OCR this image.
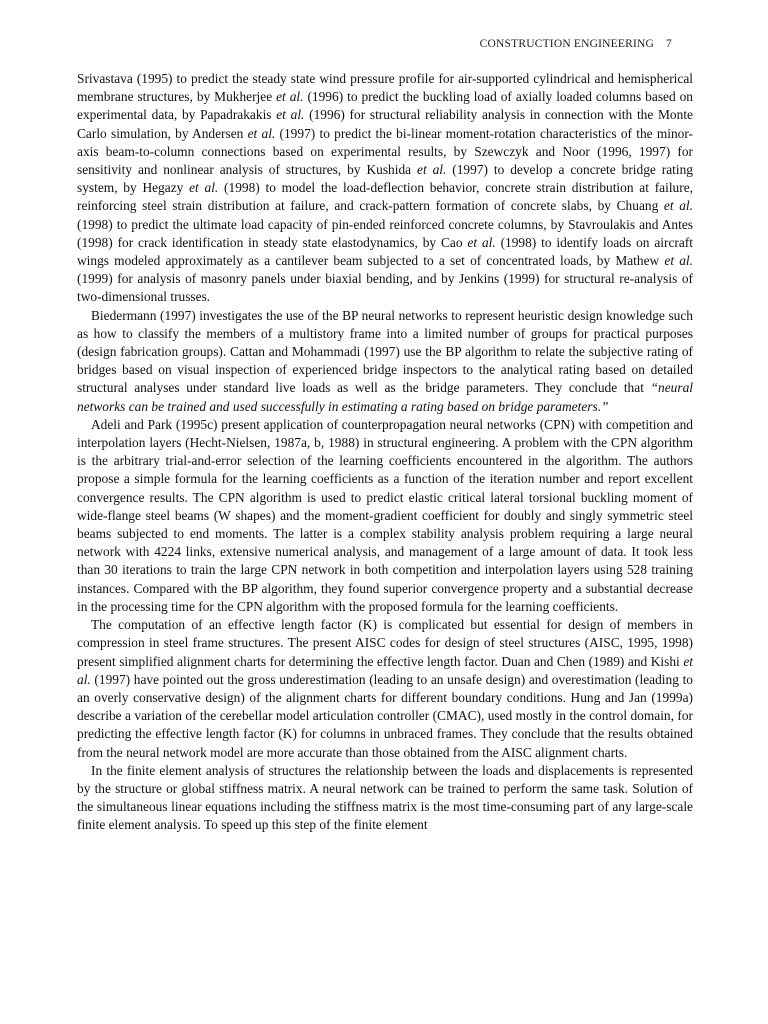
CONSTRUCTION ENGINEERING 7

Srivastava (1995) to predict the steady state wind pressure profile for air-supported cylindrical and hemispherical membrane structures, by Mukherjee et al. (1996) to predict the buckling load of axially loaded columns based on experimental data, by Papadrakakis et al. (1996) for structural reliability analysis in connection with the Monte Carlo simulation, by Andersen et al. (1997) to predict the bi-linear moment-rotation characteristics of the minor-axis beam-to-column connections based on experimental results, by Szewczyk and Noor (1996, 1997) for sensitivity and nonlinear analysis of structures, by Kushida et al. (1997) to develop a concrete bridge rating system, by Hegazy et al. (1998) to model the load-deflection behavior, concrete strain distribution at failure, reinforcing steel strain distribution at failure, and crack-pattern formation of concrete slabs, by Chuang et al. (1998) to predict the ultimate load capacity of pin-ended reinforced concrete columns, by Stavroulakis and Antes (1998) for crack identification in steady state elastodynamics, by Cao et al. (1998) to identify loads on aircraft wings modeled approximately as a cantilever beam subjected to a set of concentrated loads, by Mathew et al. (1999) for analysis of masonry panels under biaxial bending, and by Jenkins (1999) for structural re-analysis of two-dimensional trusses.

Biedermann (1997) investigates the use of the BP neural networks to represent heuristic design knowledge such as how to classify the members of a multistory frame into a limited number of groups for practical purposes (design fabrication groups). Cattan and Mohammadi (1997) use the BP algorithm to relate the subjective rating of bridges based on visual inspection of experienced bridge inspectors to the analytical rating based on detailed structural analyses under standard live loads as well as the bridge parameters. They conclude that “neural networks can be trained and used successfully in estimating a rating based on bridge parameters.”

Adeli and Park (1995c) present application of counterpropagation neural networks (CPN) with competition and interpolation layers (Hecht-Nielsen, 1987a, b, 1988) in structural engineering. A problem with the CPN algorithm is the arbitrary trial-and-error selection of the learning coefficients encountered in the algorithm. The authors propose a simple formula for the learning coefficients as a function of the iteration number and report excellent convergence results. The CPN algorithm is used to predict elastic critical lateral torsional buckling moment of wide-flange steel beams (W shapes) and the moment-gradient coefficient for doubly and singly symmetric steel beams subjected to end moments. The latter is a complex stability analysis problem requiring a large neural network with 4224 links, extensive numerical analysis, and management of a large amount of data. It took less than 30 iterations to train the large CPN network in both competition and interpolation layers using 528 training instances. Compared with the BP algorithm, they found superior convergence property and a substantial decrease in the processing time for the CPN algorithm with the proposed formula for the learning coefficients.

The computation of an effective length factor (K) is complicated but essential for design of members in compression in steel frame structures. The present AISC codes for design of steel structures (AISC, 1995, 1998) present simplified alignment charts for determining the effective length factor. Duan and Chen (1989) and Kishi et al. (1997) have pointed out the gross underestimation (leading to an unsafe design) and overestimation (leading to an overly conservative design) of the alignment charts for different boundary conditions. Hung and Jan (1999a) describe a variation of the cerebellar model articulation controller (CMAC), used mostly in the control domain, for predicting the effective length factor (K) for columns in unbraced frames. They conclude that the results obtained from the neural network model are more accurate than those obtained from the AISC alignment charts.

In the finite element analysis of structures the relationship between the loads and displacements is represented by the structure or global stiffness matrix. A neural network can be trained to perform the same task. Solution of the simultaneous linear equations including the stiffness matrix is the most time-consuming part of any large-scale finite element analysis. To speed up this step of the finite element
